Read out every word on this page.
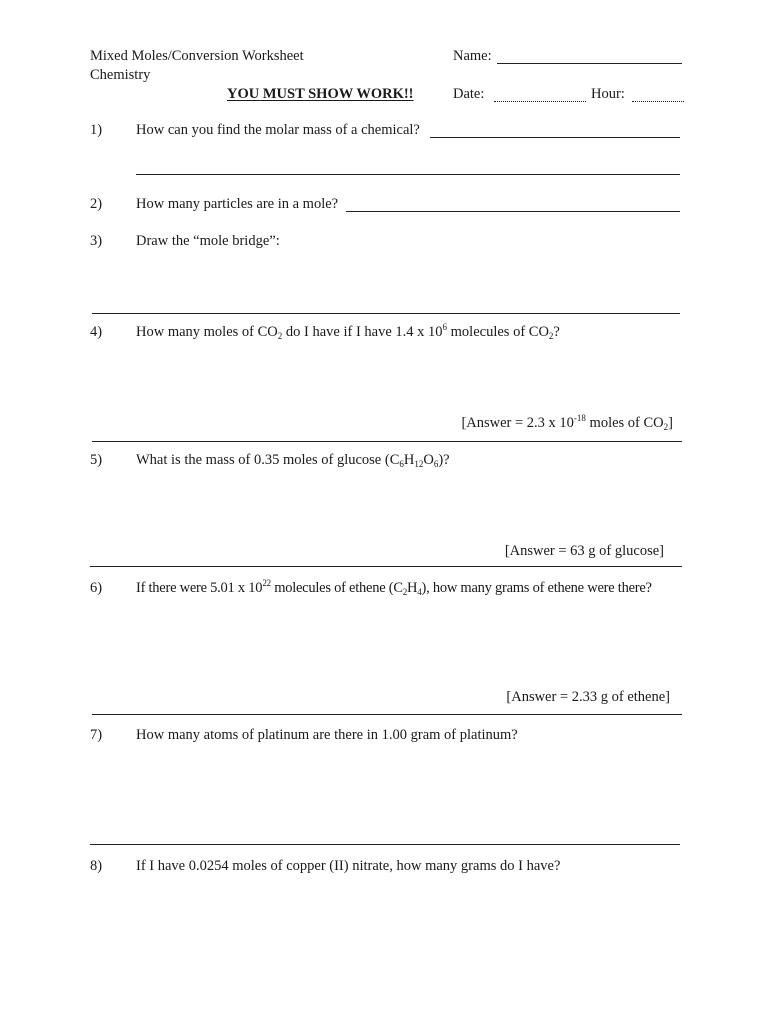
Mixed Moles/Conversion Worksheet
Chemistry
YOU MUST SHOW WORK!!
Name:
Date:	Hour:
1)	How can you find the molar mass of a chemical?
2)	How many particles are in a mole?
3)	Draw the “mole bridge”:
4)	How many moles of $CO_2$ do I have if I have 1.4 x $10^6$ molecules of $CO_2$?
[Answer = 2.3 x $10^{-18}$ moles of $CO_2$]
5)	What is the mass of 0.35 moles of glucose $(C_6H_{12}O_6)$?
[Answer = 63 g of glucose]
6)	If there were 5.01 x $10^{22}$ molecules of ethene $(C_2H_4)$, how many grams of ethene were there?
[Answer = 2.33 g of ethene]
7)	How many atoms of platinum are there in 1.00 gram of platinum?
8)	If I have 0.0254 moles of copper (II) nitrate, how many grams do I have?
